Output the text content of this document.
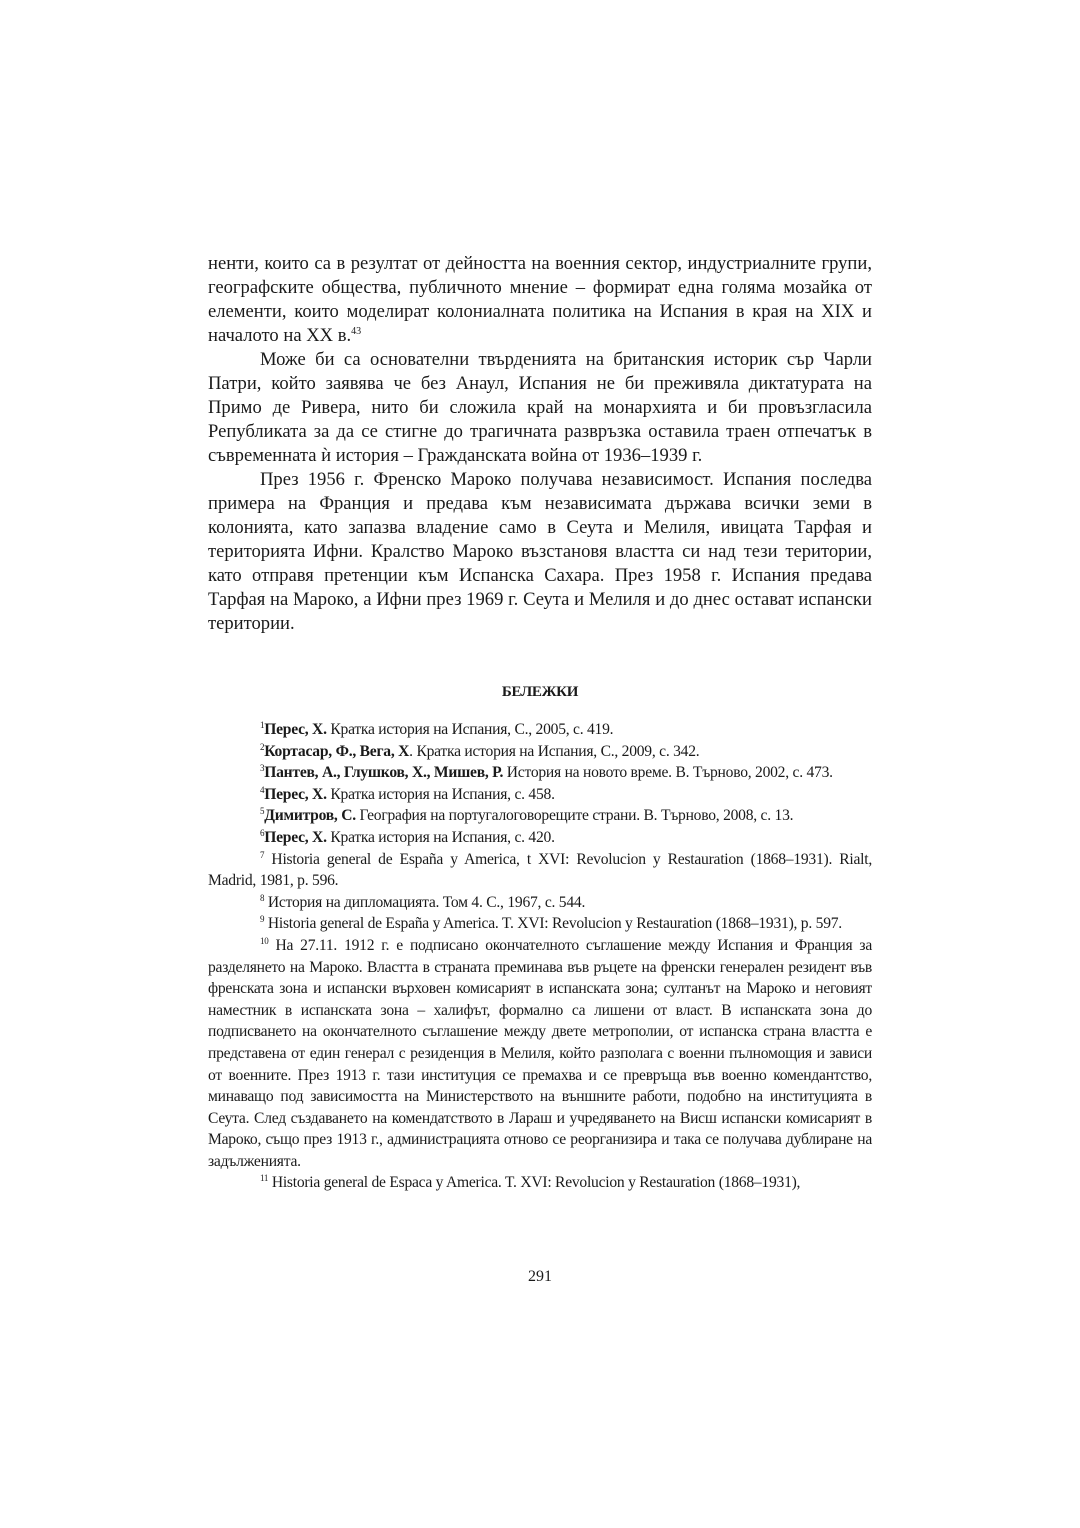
ненти, които са в резултат от дейността на военния сектор, индустриалните групи, географските общества, публичното мнение – формират една голяма мозайка от елементи, които моделират колониалната политика на Испания в края на XIX и началото на XX в.$^{43}$

Може би са основателни твърденията на британския историк сър Чарли Патри, който заявява че без Анаул, Испания не би преживяла диктатурата на Примо де Ривера, нито би сложила край на монархията и би провъзгласила Републиката за да се стигне до трагичната развръзка оставила траен отпечатък в съвременната ѝ история – Гражданската война от 1936–1939 г.

През 1956 г. Френско Мароко получава независимост. Испания последва примера на Франция и предава към независимата държава всички земи в колонията, като запазва владение само в Сеута и Мелиля, ивицата Тарфая и територията Ифни. Кралство Мароко възстановя властта си над тези територии, като отправя претенции към Испанска Сахара. През 1958 г. Испания предава Тарфая на Мароко, а Ифни през 1969 г. Сеута и Мелиля и до днес остават испански територии.

БЕЛЕЖКИ

$^1$Перес, Х. Кратка история на Испания, С., 2005, с. 419.

$^2$Кортасар, Ф., Вега, Х. Кратка история на Испания, С., 2009, с. 342.

$^3$Пантев, А., Глушков, Х., Мишев, Р. История на новото време. В. Търново, 2002, с. 473.

$^4$Перес, Х. Кратка история на Испания, с. 458.

$^5$Димитров, С. География на португалоговорещите страни. В. Търново, 2008, с. 13.

$^6$Перес, Х. Кратка история на Испания, с. 420.

$^7$ Historia general de España y America, t XVI: Revolucion y Restauration (1868–1931). Rialt, Madrid, 1981, p. 596.

$^8$ История на дипломацията. Том 4. С., 1967, с. 544.

$^9$ Historia general de España y America. T. XVI: Revolucion y Restauration (1868–1931), p. 597.

$^{10}$ На 27.11. 1912 г. е подписано окончателното съглашение между Испания и Франция за разделянето на Мароко. Властта в страната преминава във ръцете на френски генерален резидент във френската зона и испански върховен комисарият в испанската зона; султанът на Мароко и неговият наместник в испанската зона – халифът, формално са лишени от власт. В испанската зона до подписването на окончателното съглашение между двете метрополии, от испанска страна властта е представена от един генерал с резиденция в Мелиля, който разполага с военни пълномощия и зависи от военните. През 1913 г. тази институция се премахва и се превръща във военно комендантство, минаващо под зависимостта на Министерството на външните работи, подобно на институцията в Сеута. След създаването на комендатството в Лараш и учредяването на Висш испански комисарият в Мароко, също през 1913 г., администрацията отново се реорганизира и така се получава дублиране на задълженията.

$^{11}$ Historia general de Espaca y America. T. XVI: Revolucion y Restauration (1868–1931),

291
